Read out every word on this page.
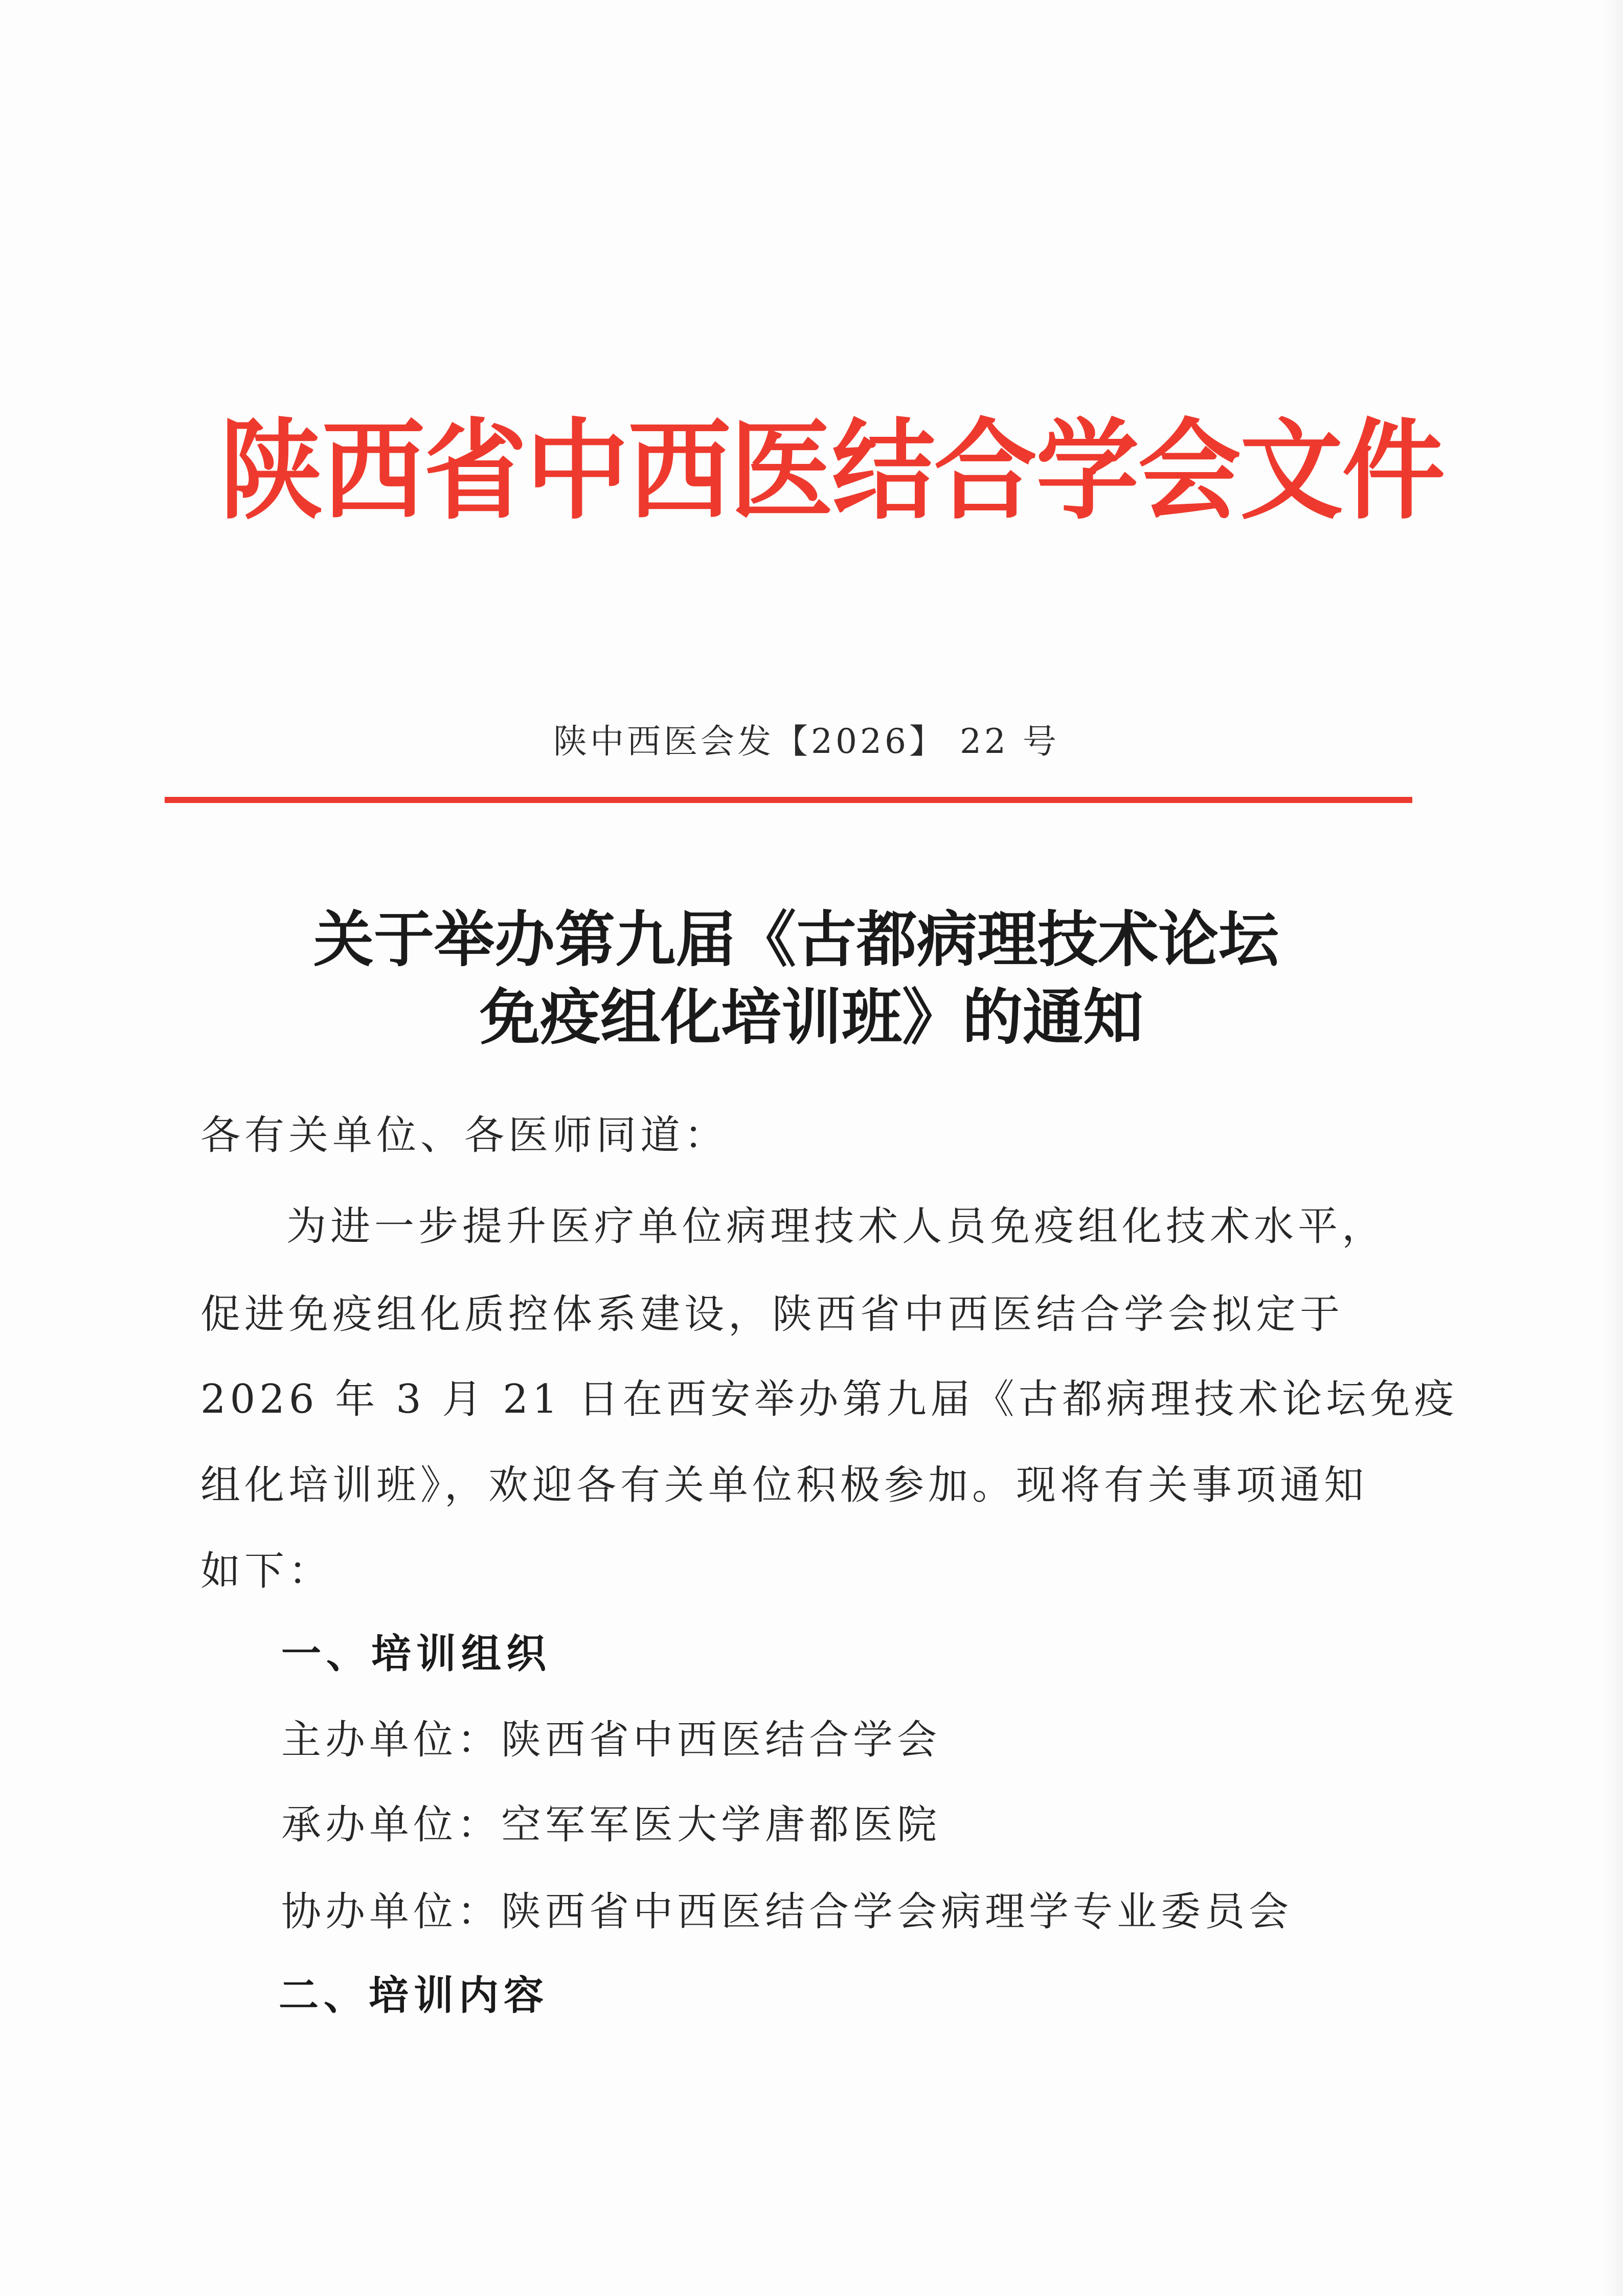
陕西省中西医结合学会文件
陕中西医会发【2026】 22 号
关于举办第九届《古都病理技术论坛
免疫组化培训班》的通知
各有关单位、各医师同道：
为进一步提升医疗单位病理技术人员免疫组化技术水平，
促进免疫组化质控体系建设，陕西省中西医结合学会拟定于
2026 年 3 月 21 日在西安举办第九届《古都病理技术论坛免疫
组化培训班》，欢迎各有关单位积极参加。现将有关事项通知
如下：
一、培训组织
主办单位：陕西省中西医结合学会
承办单位：空军军医大学唐都医院
协办单位：陕西省中西医结合学会病理学专业委员会
二、培训内容
